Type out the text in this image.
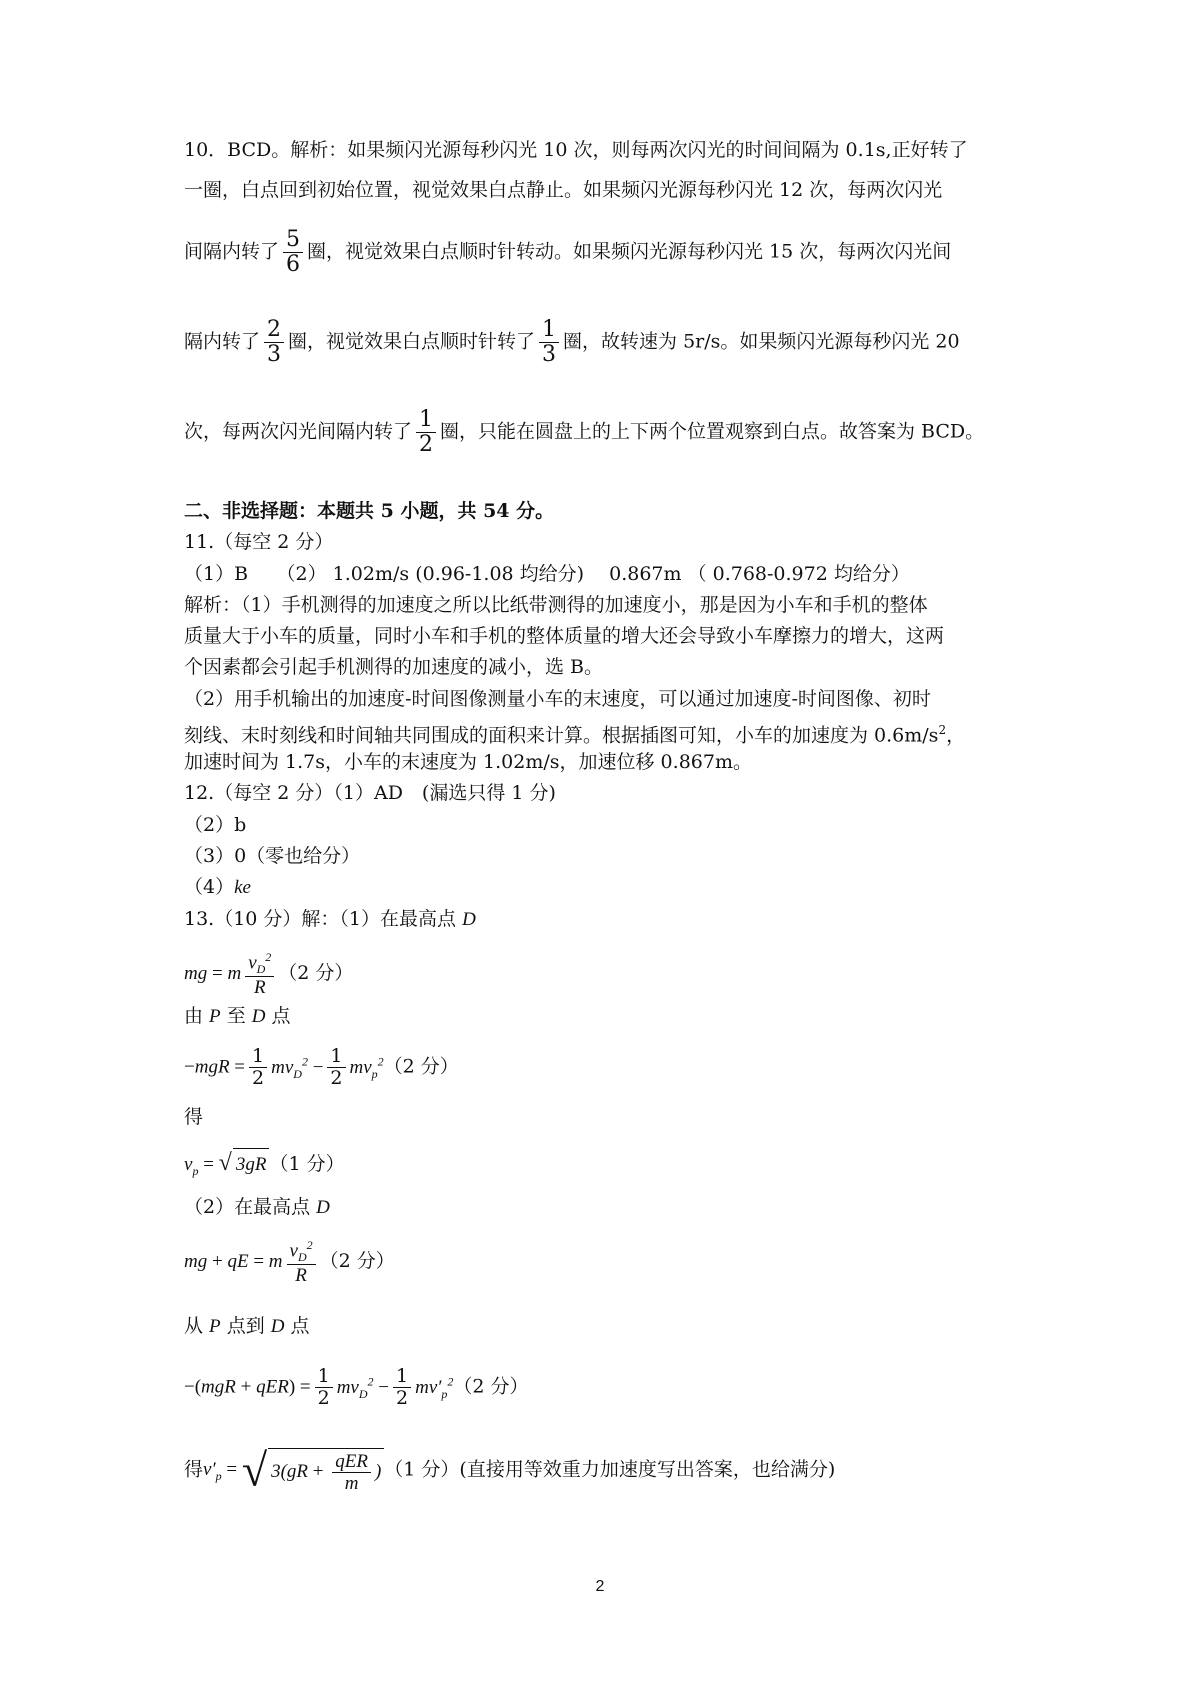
10．BCD。解析：如果频闪光源每秒闪光 10 次，则每两次闪光的时间间隔为 0.1s,正好转了
一圈，白点回到初始位置，视觉效果白点静止。如果频闪光源每秒闪光 12 次，每两次闪光
间隔内转了 $\frac{5}{6}$ 圈，视觉效果白点顺时针转动。如果频闪光源每秒闪光 15 次，每两次闪光间
隔内转了 $\frac{2}{3}$ 圈，视觉效果白点顺时针转了 $\frac{1}{3}$ 圈，故转速为 5r/s。如果频闪光源每秒闪光 20
次，每两次闪光间隔内转了 $\frac{1}{2}$ 圈，只能在圆盘上的上下两个位置观察到白点。故答案为 BCD。
二、非选择题：本题共 5 小题，共 54 分。
11.（每空 2 分）
（1）B　　（2） 1.02m/s (0.96-1.08 均给分)　 0.867m （ 0.768-0.972 均给分）
解析：（1）手机测得的加速度之所以比纸带测得的加速度小，那是因为小车和手机的整体
质量大于小车的质量，同时小车和手机的整体质量的增大还会导致小车摩擦力的增大，这两
个因素都会引起手机测得的加速度的减小，选 B。
（2）用手机输出的加速度-时间图像测量小车的末速度，可以通过加速度-时间图像、初时
刻线、末时刻线和时间轴共同围成的面积来计算。根据插图可知，小车的加速度为 $0.6m/s^2$，
加速时间为 1.7s，小车的末速度为 1.02m/s，加速位移 0.867m。
12.（每空 2 分）（1）AD　(漏选只得 1 分)
（2）b
（3）0（零也给分）
（4）ke
13.（10 分）解：（1）在最高点 D
mg = m $\frac{v_D^2}{R} (2$ 分）
由 P 至 D 点
$-mgR = \frac{1}{2} mv_D^2 - \frac{1}{2} mv_p^2(2$ 分）
得
$v_p$ = √ 3gR （1 分）
（2）在最高点 D
mg + qE = m $\frac{v_D^2}{R} (2$ 分）
从 P 点到 D 点
$-(mgR + qER) = \frac{1}{2} mv_D^2 - \frac{1}{2} mv'_p^2(2$ 分）
得$v'_p$ = √ $3(gR + \frac{\text{qER}}{m}$ ) （1 分）(直接用等效重力加速度写出答案，也给满分)
2
